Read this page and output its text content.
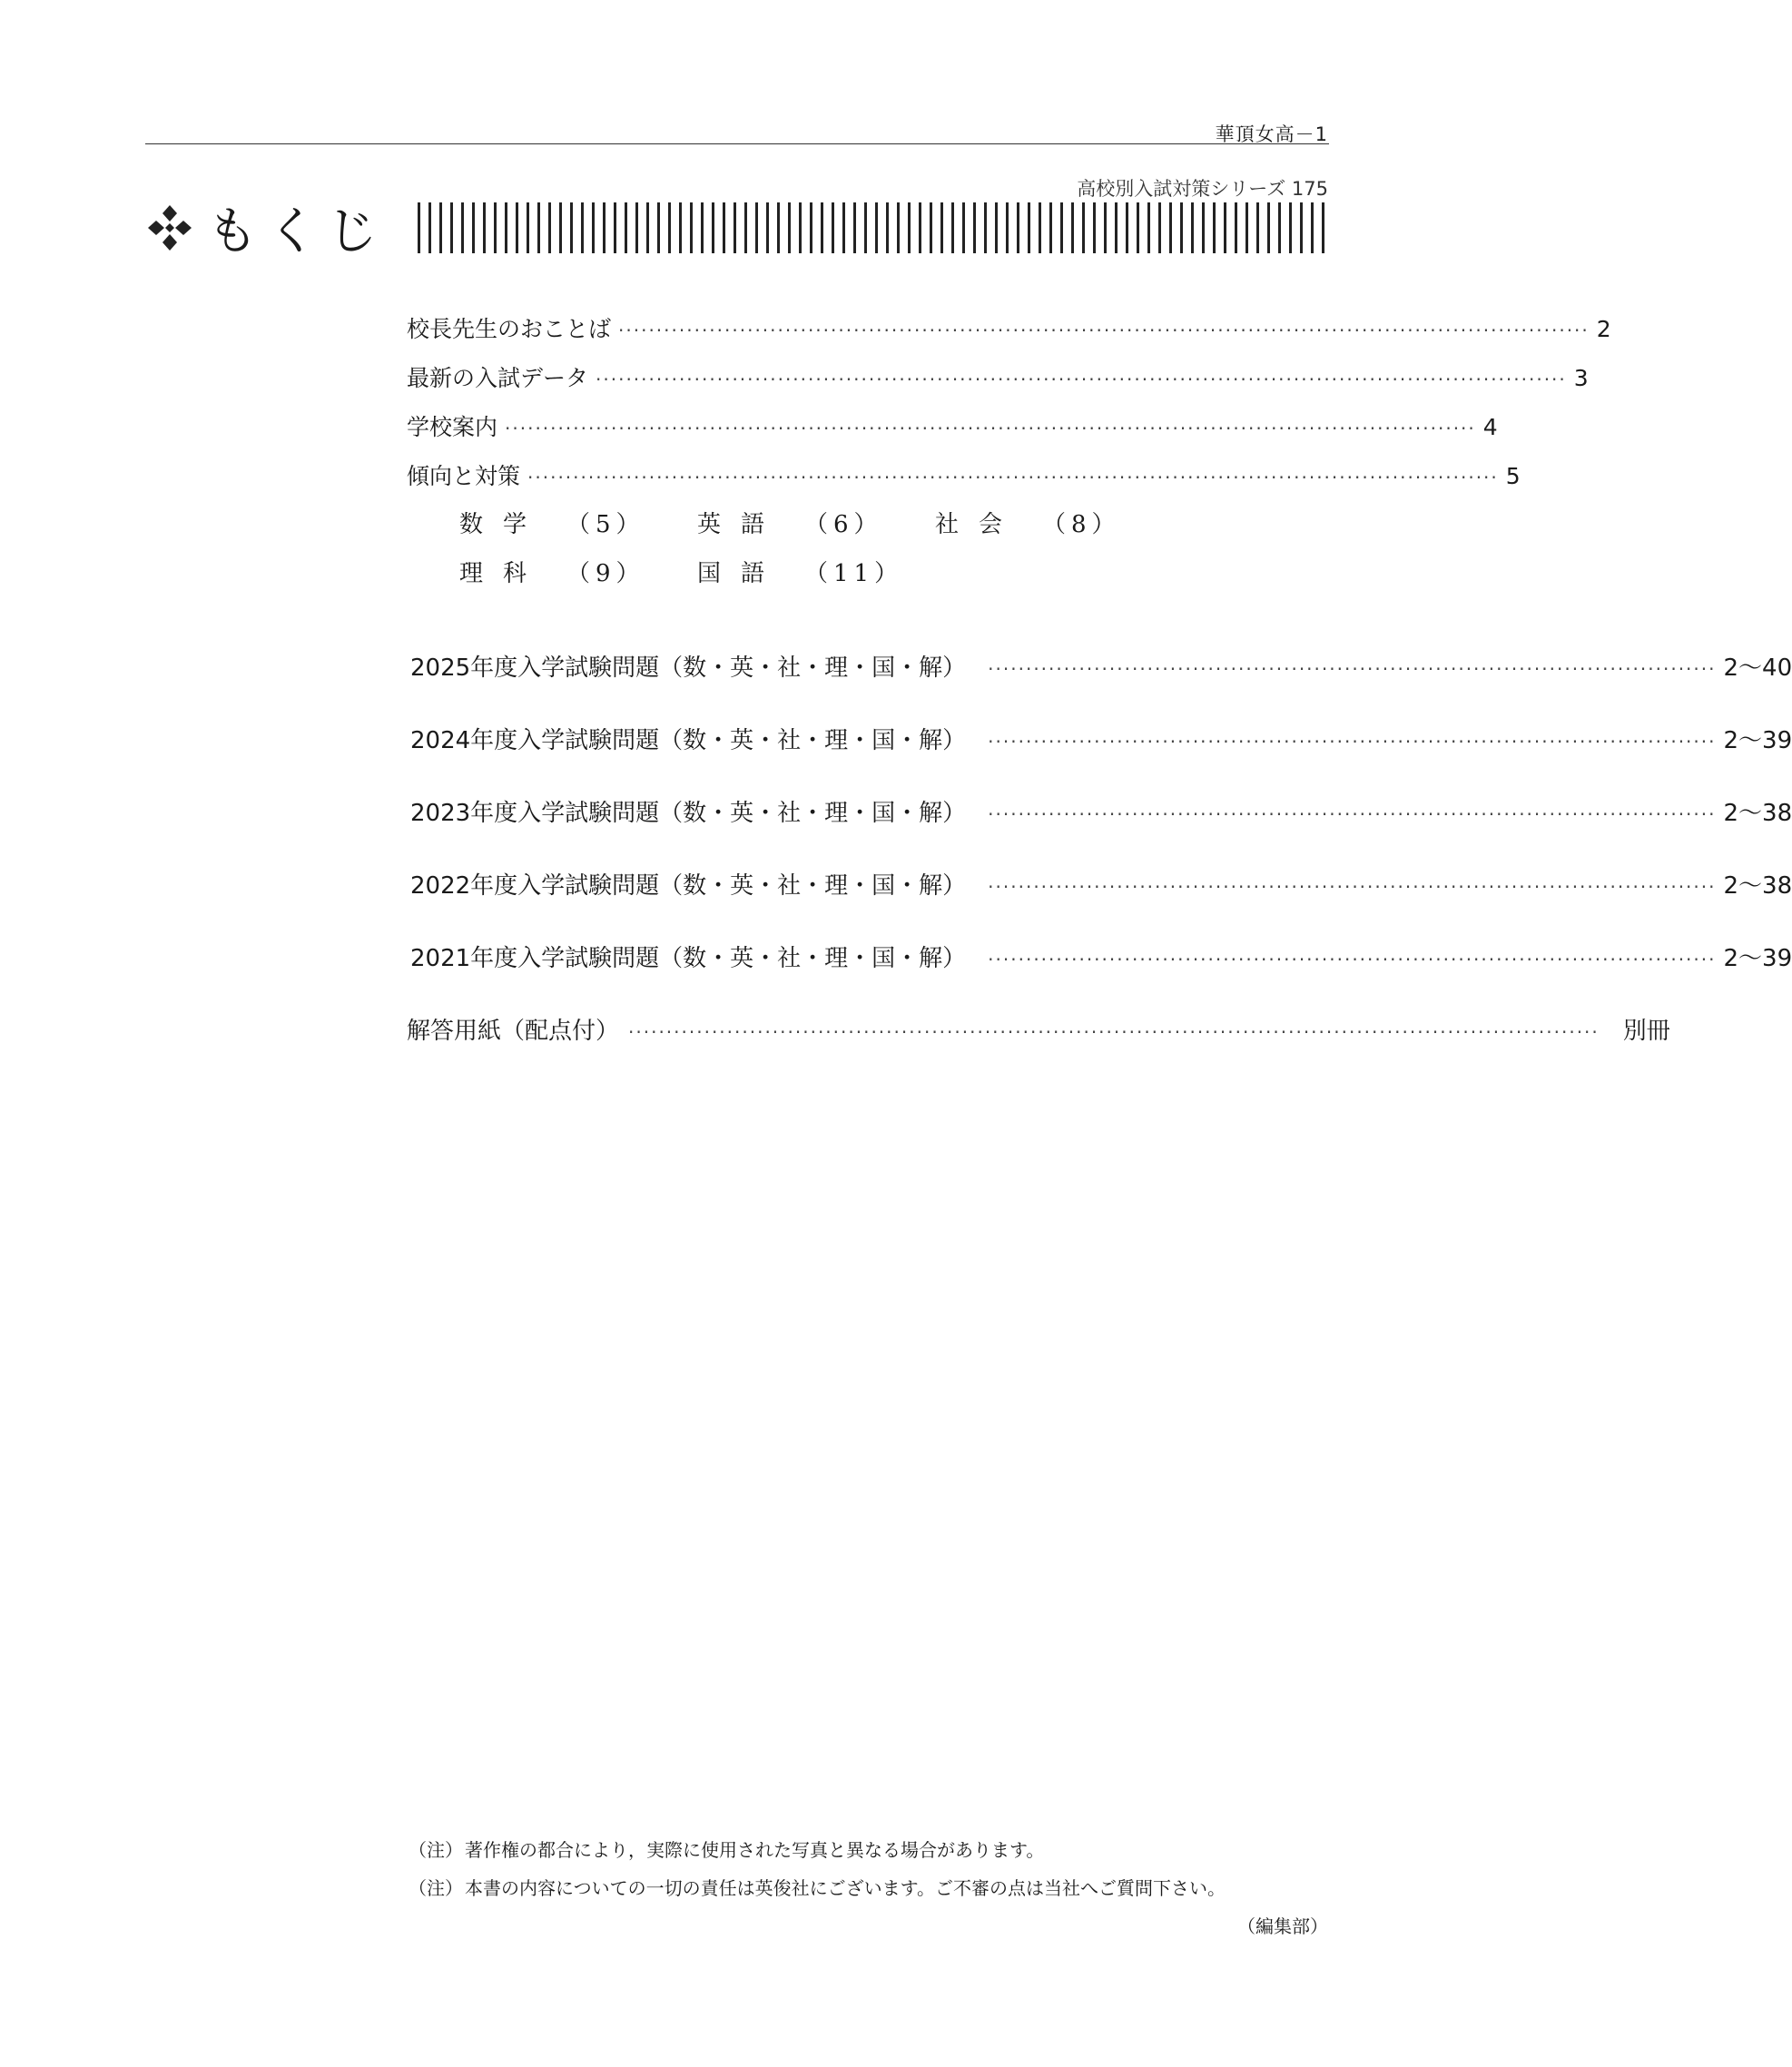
華頂女高－1
高校別入試対策シリーズ 175
もくじ
校長先生のおことば ································································································································ 2
最新の入試データ ································································································································ 3
学校案内 ································································································································ 4
傾向と対策 ································································································································ 5
数学 （5） 英語 （6） 社会 （8）
理科 （9） 国語 （11）
2025年度入学試験問題（数・英・社・理・国・解） ································································································ 2～40
2024年度入学試験問題（数・英・社・理・国・解） ································································································ 2～39
2023年度入学試験問題（数・英・社・理・国・解） ································································································ 2～38
2022年度入学試験問題（数・英・社・理・国・解） ································································································ 2～38
2021年度入学試験問題（数・英・社・理・国・解） ································································································ 2～39
解答用紙（配点付） ································································································································ 別冊
（注） 著作権の都合により，実際に使用された写真と異なる場合があります。
（注） 本書の内容についての一切の責任は英俊社にございます。ご不審の点は当社へご質問下さい。
（編集部）
